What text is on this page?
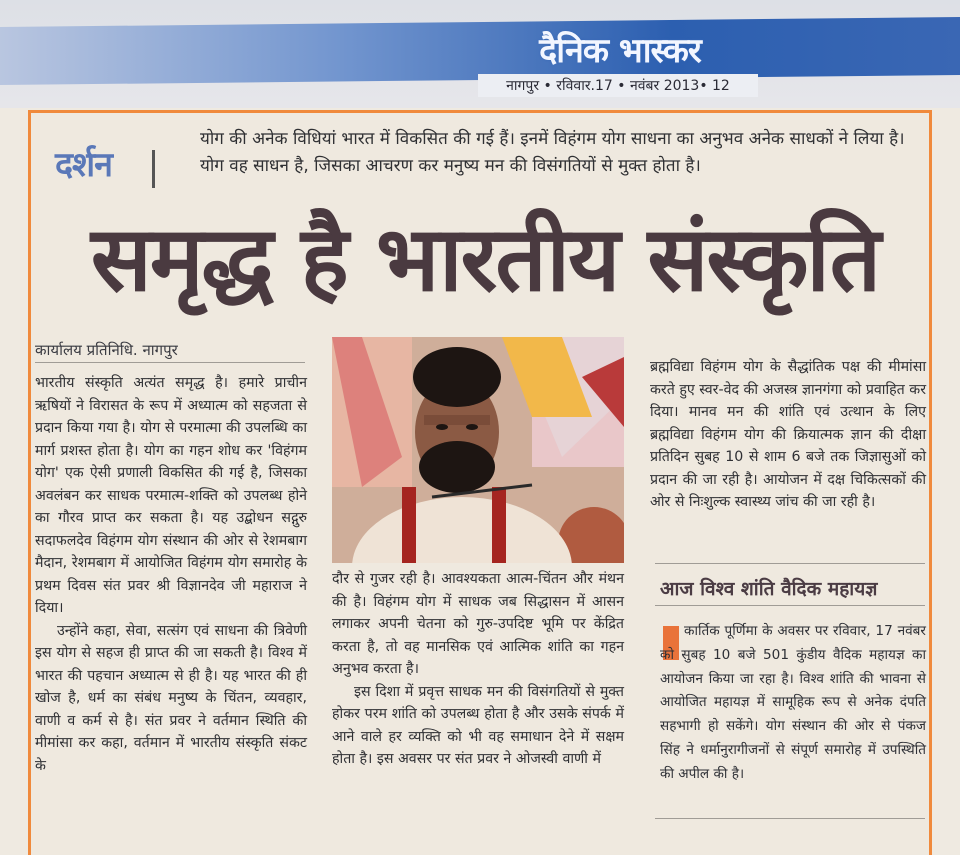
दैनिक भास्कर
नागपुर • रविवार.17 • नवंबर 2013• 12
दर्शन
योग की अनेक विधियां भारत में विकसित की गई हैं। इनमें विहंगम योग साधना का अनुभव अनेक साधकों ने लिया है। योग वह साधन है, जिसका आचरण कर मनुष्य मन की विसंगतियों से मुक्त होता है।
समृद्ध है भारतीय संस्कृति
कार्यालय प्रतिनिधि. नागपुर

भारतीय संस्कृति अत्यंत समृद्ध है। हमारे प्राचीन ऋषियों ने विरासत के रूप में अध्यात्म को सहजता से प्रदान किया गया है। योग से परमात्मा की उपलब्धि का मार्ग प्रशस्त होता है। योग का गहन शोध कर 'विहंगम योग' एक ऐसी प्रणाली विकसित की गई है, जिसका अवलंबन कर साधक परमात्म-शक्ति को उपलब्ध होने का गौरव प्राप्त कर सकता है। यह उद्बोधन सद्गुरु सदाफलदेव विहंगम योग संस्थान की ओर से रेशमबाग मैदान, रेशमबाग में आयोजित विहंगम योग समारोह के प्रथम दिवस संत प्रवर श्री विज्ञानदेव जी महाराज ने दिया।

उन्होंने कहा, सेवा, सत्संग एवं साधना की त्रिवेणी इस योग से सहज ही प्राप्त की जा सकती है। विश्व में भारत की पहचान अध्यात्म से ही है। यह भारत की ही खोज है, धर्म का संबंध मनुष्य के चिंतन, व्यवहार, वाणी व कर्म से है। संत प्रवर ने वर्तमान स्थिति की मीमांसा कर कहा, वर्तमान में भारतीय संस्कृति संकट के

दौर से गुजर रही है। आवश्यकता आत्म-चिंतन और मंथन की है। विहंगम योग में साधक जब सिद्धासन में आसन लगाकर अपनी चेतना को गुरु-उपदिष्ट भूमि पर केंद्रित करता है, तो वह मानसिक एवं आत्मिक शांति का गहन अनुभव करता है।

इस दिशा में प्रवृत्त साधक मन की विसंगतियों से मुक्त होकर परम शांति को उपलब्ध होता है और उसके संपर्क में आने वाले हर व्यक्ति को भी वह समाधान देने में सक्षम होता है। इस अवसर पर संत प्रवर ने ओजस्वी वाणी में

ब्रह्मविद्या विहंगम योग के सैद्धांतिक पक्ष की मीमांसा करते हुए स्वर-वेद की अजस्त्र ज्ञानगंगा को प्रवाहित कर दिया। मानव मन की शांति एवं उत्थान के लिए ब्रह्मविद्या विहंगम योग की क्रियात्मक ज्ञान की दीक्षा प्रतिदिन सुबह 10 से शाम 6 बजे तक जिज्ञासुओं को प्रदान की जा रही है। आयोजन में दक्ष चिकित्सकों की ओर से निःशुल्क स्वास्थ्य जांच की जा रही है।

आज विश्व शांति वैदिक महायज्ञ

कार्तिक पूर्णिमा के अवसर पर रविवार, 17 नवंबर को सुबह 10 बजे 501 कुंडीय वैदिक महायज्ञ का आयोजन किया जा रहा है। विश्व शांति की भावना से आयोजित महायज्ञ में सामूहिक रूप से अनेक दंपति सहभागी हो सकेंगे। योग संस्थान की ओर से पंकज सिंह ने धर्मानुरागीजनों से संपूर्ण समारोह में उपस्थिति की अपील की है।
